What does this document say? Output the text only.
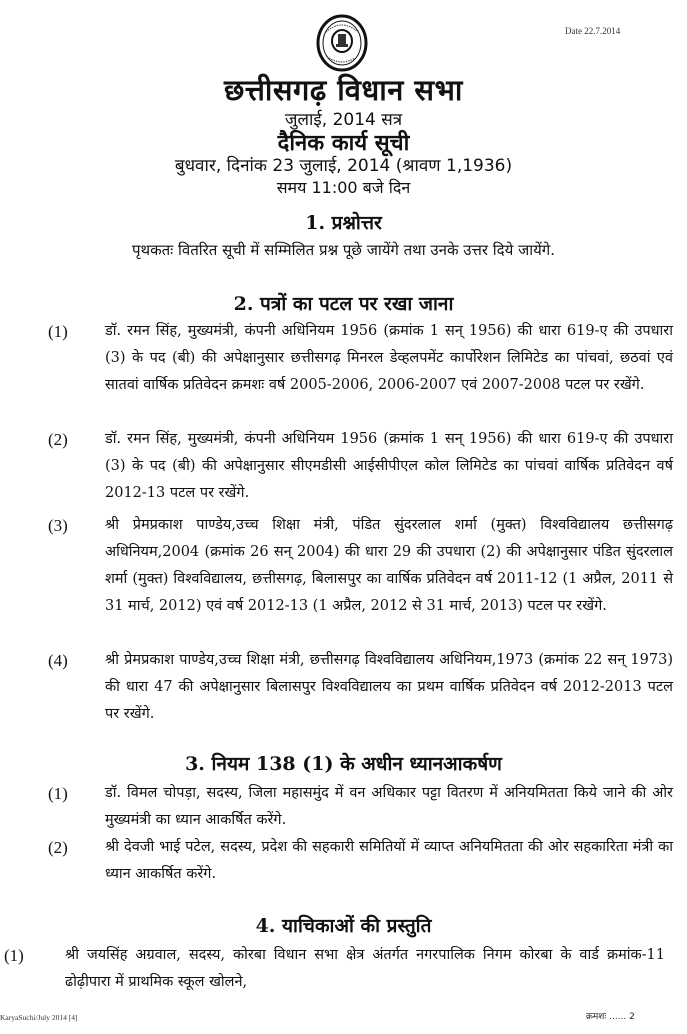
Date 22.7.2014
छत्तीसगढ़ विधान सभा
जुलाई, 2014 सत्र
दैनिक कार्य सूची
बुधवार, दिनांक 23 जुलाई, 2014 (श्रावण 1,1936)
समय 11:00 बजे दिन
1. प्रश्नोत्तर
पृथकतः वितरित सूची में सम्मिलित प्रश्न पूछे जायेंगे तथा उनके उत्तर दिये जायेंगे.
2. पत्रों का पटल पर रखा जाना
(1)	डॉ. रमन सिंह, मुख्यमंत्री, कंपनी अधिनियम 1956 (क्रमांक 1 सन् 1956) की धारा 619-ए की उपधारा (3) के पद (बी) की अपेक्षानुसार छत्तीसगढ़ मिनरल डेव्हलपमेंट कार्पोरेशन लिमिटेड का पांचवां, छठवां एवं सातवां वार्षिक प्रतिवेदन क्रमशः वर्ष 2005-2006, 2006-2007 एवं 2007-2008 पटल पर रखेंगे.
(2)	डॉ. रमन सिंह, मुख्यमंत्री, कंपनी अधिनियम 1956 (क्रमांक 1 सन् 1956) की धारा 619-ए की उपधारा (3) के पद (बी) की अपेक्षानुसार सीएमडीसी आईसीपीएल कोल लिमिटेड का पांचवां वार्षिक प्रतिवेदन वर्ष 2012-13 पटल पर रखेंगे.
(3)	श्री प्रेमप्रकाश पाण्डेय,उच्च शिक्षा मंत्री, पंडित सुंदरलाल शर्मा (मुक्त) विश्वविद्यालय छत्तीसगढ़ अधिनियम,2004 (क्रमांक 26 सन् 2004) की धारा 29 की उपधारा (2) की अपेक्षानुसार पंडित सुंदरलाल शर्मा (मुक्त) विश्वविद्यालय, छत्तीसगढ़, बिलासपुर का वार्षिक प्रतिवेदन वर्ष 2011-12 (1 अप्रैल, 2011 से 31 मार्च, 2012) एवं वर्ष 2012-13 (1 अप्रैल, 2012 से 31 मार्च, 2013) पटल पर रखेंगे.
(4)	श्री प्रेमप्रकाश पाण्डेय,उच्च शिक्षा मंत्री, छत्तीसगढ़ विश्वविद्यालय अधिनियम,1973 (क्रमांक 22 सन् 1973) की धारा 47 की अपेक्षानुसार बिलासपुर विश्वविद्यालय का प्रथम वार्षिक प्रतिवेदन वर्ष 2012-2013 पटल पर रखेंगे.
3. नियम 138 (1) के अधीन ध्यानआकर्षण
(1)	डॉ. विमल चोपड़ा, सदस्य, जिला महासमुंद में वन अधिकार पट्टा वितरण में अनियमितता किये जाने की ओर मुख्यमंत्री का ध्यान आकर्षित करेंगे.
(2)	श्री देवजी भाई पटेल, सदस्य, प्रदेश की सहकारी समितियों में व्याप्त अनियमितता की ओर सहकारिता मंत्री का ध्यान आकर्षित करेंगे.
4. याचिकाओं की प्रस्तुति
(1)	श्री जयसिंह अग्रवाल, सदस्य, कोरबा विधान सभा क्षेत्र अंतर्गत नगरपालिक निगम कोरबा के वार्ड क्रमांक-11 ढोढ़ीपारा में प्राथमिक स्कूल खोलने,
KaryaSuchi/July 2014 [4]	क्रमशः ...... 2
